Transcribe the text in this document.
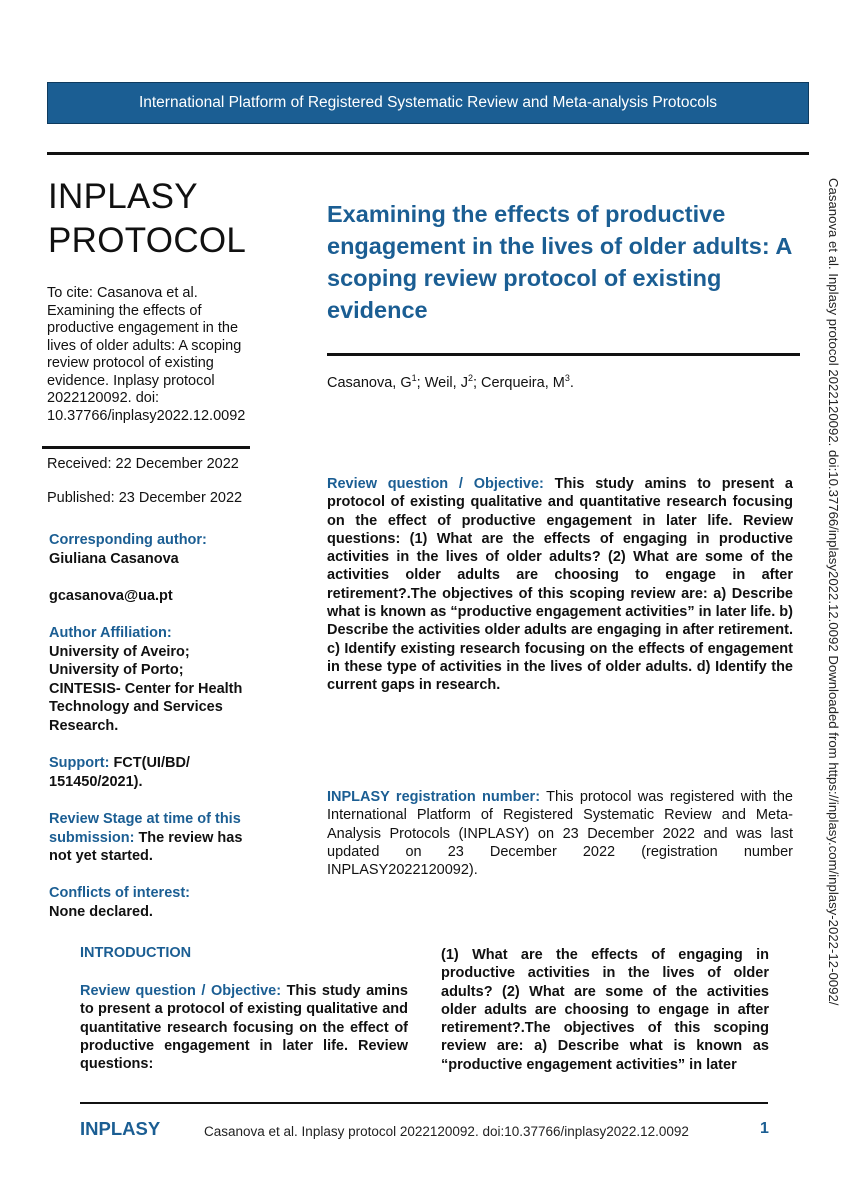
International Platform of Registered Systematic Review and Meta-analysis Protocols
INPLASY
PROTOCOL
To cite: Casanova et al. Examining the effects of productive engagement in the lives of older adults: A scoping review protocol of existing evidence. Inplasy protocol 2022120092. doi: 10.37766/inplasy2022.12.0092
Received: 22 December 2022
Published: 23 December 2022
Corresponding author:
Giuliana Casanova
gcasanova@ua.pt
Author Affiliation:
University of Aveiro;
University of Porto;
CINTESIS- Center for Health
Technology and Services
Research.
Support: FCT(UI/BD/
151450/2021).
Review Stage at time of this
submission: The review has
not yet started.
Conflicts of interest:
None declared.
Examining the effects of productive engagement in the lives of older adults: A scoping review protocol of existing evidence
Casanova, $G^1$; Weil, $J^2$; Cerqueira, $M^3$.
Review question / Objective: This study amins to present a protocol of existing qualitative and quantitative research focusing on the effect of productive engagement in later life. Review questions: (1) What are the effects of engaging in productive activities in the lives of older adults? (2) What are some of the activities older adults are choosing to engage in after retirement?.The objectives of this scoping review are: a) Describe what is known as “productive engagement activities” in later life. b) Describe the activities older adults are engaging in after retirement. c) Identify existing research focusing on the effects of engagement in these type of activities in the lives of older adults. d) Identify the current gaps in research.
INPLASY registration number: This protocol was registered with the International Platform of Registered Systematic Review and Meta-Analysis Protocols (INPLASY) on 23 December 2022 and was last updated on 23 December 2022 (registration number INPLASY2022120092).
INTRODUCTION
Review question / Objective: This study amins to present a protocol of existing qualitative and quantitative research focusing on the effect of productive engagement in later life. Review questions:
(1) What are the effects of engaging in productive activities in the lives of older adults? (2) What are some of the activities older adults are choosing to engage in after retirement?.The objectives of this scoping review are: a) Describe what is known as “productive engagement activities” in later
INPLASY	Casanova et al. Inplasy protocol 2022120092. doi:10.37766/inplasy2022.12.0092	1
Casanova et al. Inplasy protocol 2022120092. doi:10.37766/inplasy2022.12.0092 Downloaded from https://inplasy.com/inplasy-2022-12-0092/
